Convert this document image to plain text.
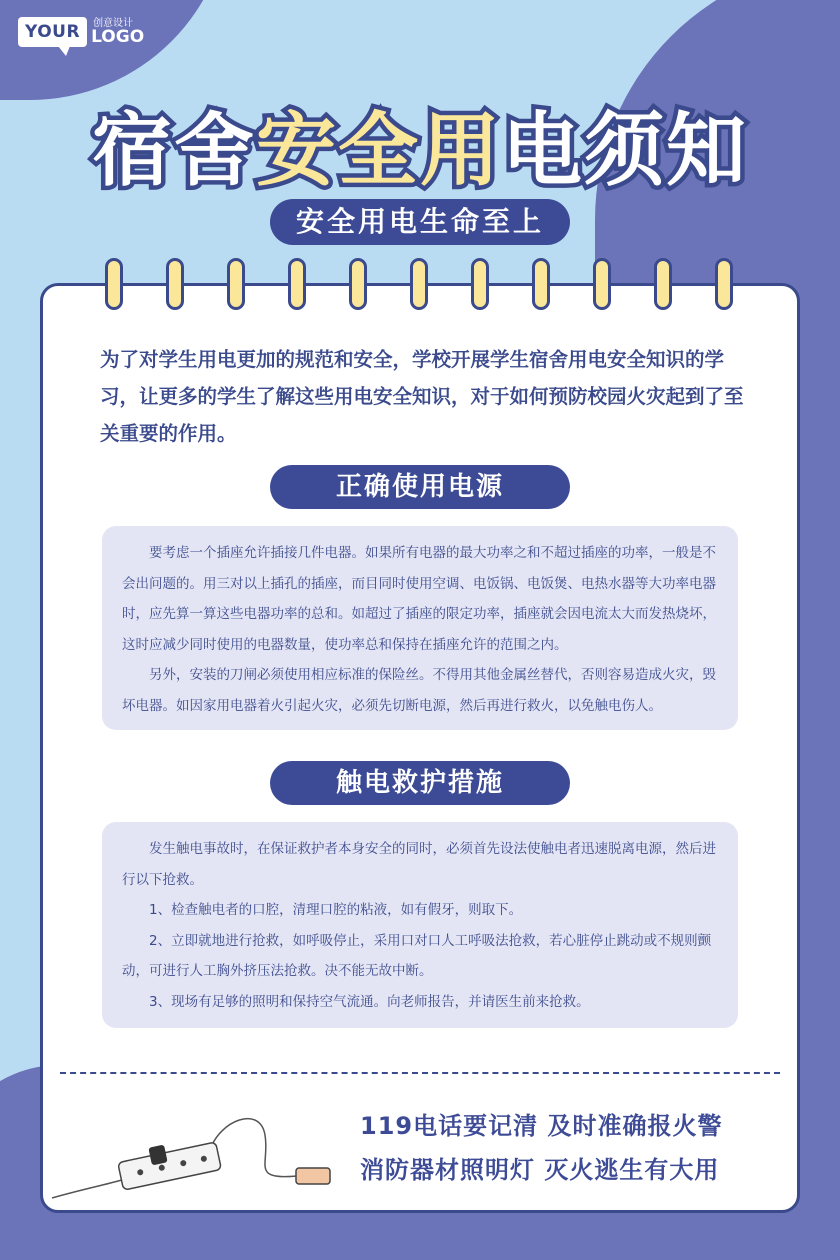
YOUR	创意设计
LOGO
宿舍安全用电须知
安全用电生命至上
为了对学生用电更加的规范和安全，学校开展学生宿舍用电安全知识的学习，让更多的学生了解这些用电安全知识，对于如何预防校园火灾起到了至关重要的作用。
正确使用电源

要考虑一个插座允许插接几件电器。如果所有电器的最大功率之和不超过插座的功率，一般是不会出问题的。用三对以上插孔的插座，而目同时使用空调、电饭锅、电饭煲、电热水器等大功率电器时，应先算一算这些电器功率的总和。如超过了插座的限定功率，插座就会因电流太大而发热烧坏，这时应减少同时使用的电器数量，使功率总和保持在插座允许的范围之内。

另外，安装的刀闸必须使用相应标准的保险丝。不得用其他金属丝替代，否则容易造成火灾，毁坏电器。如因家用电器着火引起火灾，必须先切断电源，然后再进行救火，以免触电伤人。

触电救护措施

发生触电事故时，在保证救护者本身安全的同时，必须首先设法使触电者迅速脱离电源，然后进行以下抢救。

1、检查触电者的口腔，清理口腔的粘液，如有假牙，则取下。

2、立即就地进行抢救，如呼吸停止，采用口对口人工呼吸法抢救，若心脏停止跳动或不规则颤动，可进行人工胸外挤压法抢救。决不能无故中断。

3、现场有足够的照明和保持空气流通。向老师报告，并请医生前来抢救。

119电话要记清 及时准确报火警
消防器材照明灯 灭火逃生有大用
